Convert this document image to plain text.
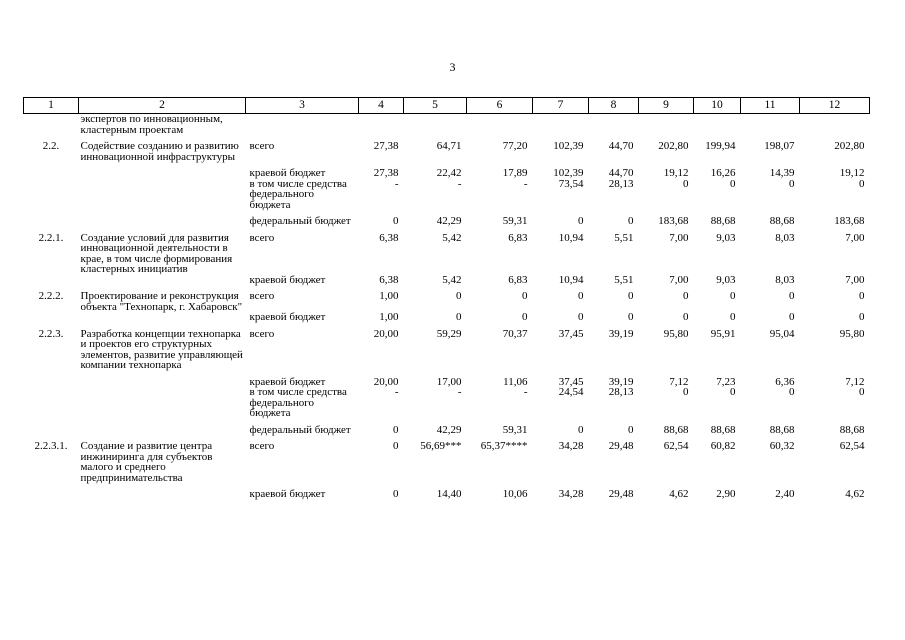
3
1	2	3	4	5	6	7	8	9	10	11	12
	экспертов по инновационным, кластерным проектам										
2.2.	Содействие созданию и развитию инновационной инфраструктуры	всего	27,38	64,71	77,20	102,39	44,70	202,80	199,94	198,07	202,80
		краевой бюджет	27,38	22,42	17,89	102,39	44,70	19,12	16,26	14,39	19,12
		в том числе средства федерального бюджета	-	-	-	73,54	28,13	0	0	0	0
		федеральный бюджет	0	42,29	59,31	0	0	183,68	88,68	88,68	183,68
2.2.1.	Создание условий для развития инновационной деятельности в крае, в том числе формирования кластерных инициатив	всего	6,38	5,42	6,83	10,94	5,51	7,00	9,03	8,03	7,00
		краевой бюджет	6,38	5,42	6,83	10,94	5,51	7,00	9,03	8,03	7,00
2.2.2.	Проектирование и реконструкция объекта "Технопарк, г. Хабаровск"	всего	1,00	0	0	0	0	0	0	0	0
		краевой бюджет	1,00	0	0	0	0	0	0	0	0
2.2.3.	Разработка концепции технопарка и проектов его структурных элементов, развитие управляющей компании технопарка	всего	20,00	59,29	70,37	37,45	39,19	95,80	95,91	95,04	95,80
		краевой бюджет	20,00	17,00	11,06	37,45	39,19	7,12	7,23	6,36	7,12
		в том числе средства федерального бюджета	-	-	-	24,54	28,13	0	0	0	0
		федеральный бюджет	0	42,29	59,31	0	0	88,68	88,68	88,68	88,68
2.2.3.1.	Создание и развитие центра инжиниринга для субъектов малого и среднего предпринимательства	всего	0	56,69***	65,37****	34,28	29,48	62,54	60,82	60,32	62,54
		краевой бюджет	0	14,40	10,06	34,28	29,48	4,62	2,90	2,40	4,62
